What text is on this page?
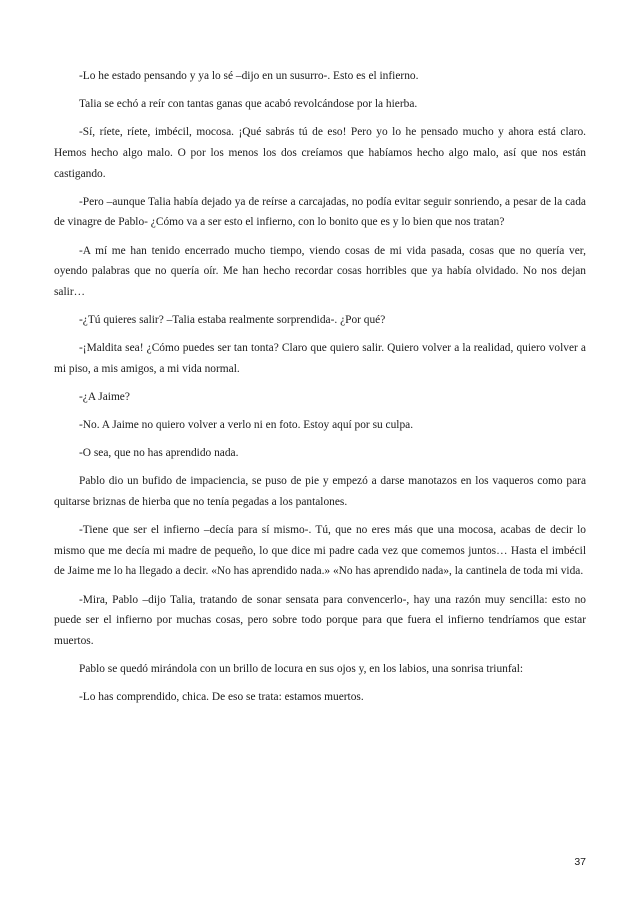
-Lo he estado pensando y ya lo sé –dijo en un susurro-. Esto es el infierno.

Talia se echó a reír con tantas ganas que acabó revolcándose por la hierba.

-Sí, ríete, ríete, imbécil, mocosa. ¡Qué sabrás tú de eso! Pero yo lo he pensado mucho y ahora está claro. Hemos hecho algo malo. O por los menos los dos creíamos que habíamos hecho algo malo, así que nos están castigando.

-Pero –aunque Talia había dejado ya de reírse a carcajadas, no podía evitar seguir sonriendo, a pesar de la cada de vinagre de Pablo- ¿Cómo va a ser esto el infierno, con lo bonito que es y lo bien que nos tratan?

-A mí me han tenido encerrado mucho tiempo, viendo cosas de mi vida pasada, cosas que no quería ver, oyendo palabras que no quería oír. Me han hecho recordar cosas horribles que ya había olvidado. No nos dejan salir…

-¿Tú quieres salir? –Talia estaba realmente sorprendida-. ¿Por qué?

-¡Maldita sea! ¿Cómo puedes ser tan tonta? Claro que quiero salir. Quiero volver a la realidad, quiero volver a mi piso, a mis amigos, a mi vida normal.

-¿A Jaime?

-No. A Jaime no quiero volver a verlo ni en foto. Estoy aquí por su culpa.

-O sea, que no has aprendido nada.

Pablo dio un bufido de impaciencia, se puso de pie y empezó a darse manotazos en los vaqueros como para quitarse briznas de hierba que no tenía pegadas a los pantalones.

-Tiene que ser el infierno –decía para sí mismo-. Tú, que no eres más que una mocosa, acabas de decir lo mismo que me decía mi madre de pequeño, lo que dice mi padre cada vez que comemos juntos… Hasta el imbécil de Jaime me lo ha llegado a decir. «No has aprendido nada.» «No has aprendido nada», la cantinela de toda mi vida.

-Mira, Pablo –dijo Talia, tratando de sonar sensata para convencerlo-, hay una razón muy sencilla: esto no puede ser el infierno por muchas cosas, pero sobre todo porque para que fuera el infierno tendríamos que estar muertos.

Pablo se quedó mirándola con un brillo de locura en sus ojos y, en los labios, una sonrisa triunfal:

-Lo has comprendido, chica. De eso se trata: estamos muertos.

37
